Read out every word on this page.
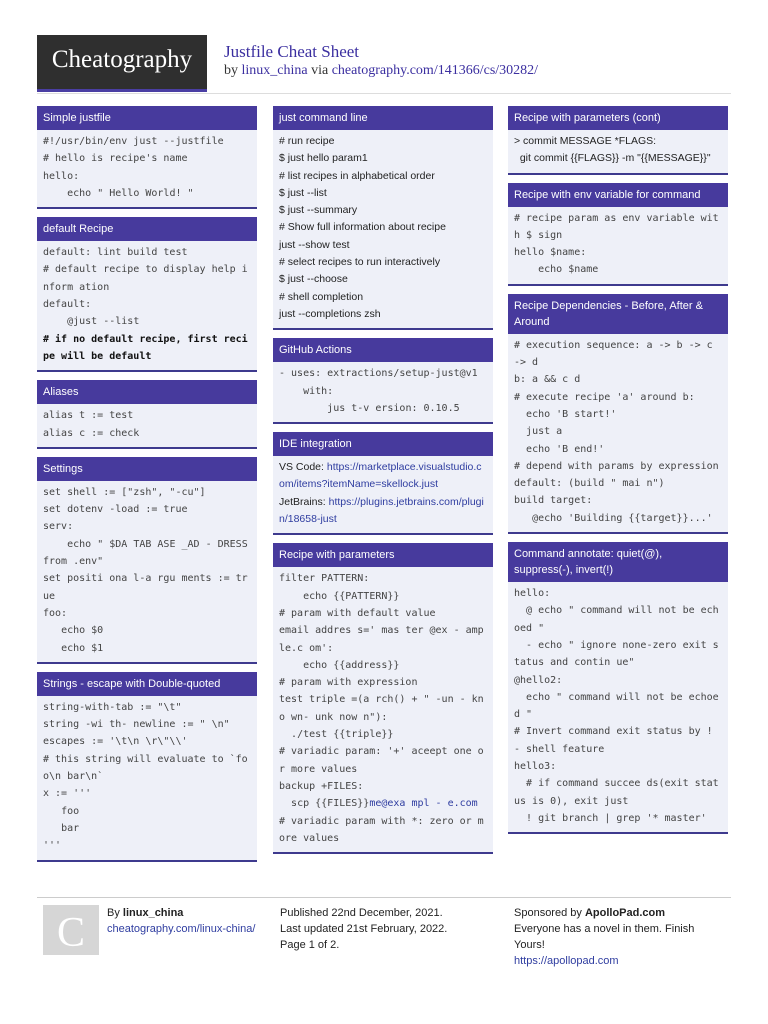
Cheatography	Justfile Cheat Sheet
by linux_china via cheatography.com/141366/cs/30282/
Simple justfile
#!/usr/bin/env just --justfile
# hello is recipe's name
hello:
echo " Hello World! "
default Recipe
default: lint build test
# default recipe to display help inform ation
default:
@just --list
# if no default recipe, first recipe will be default
Aliases
alias t := test
alias c := check
Settings
set shell := ["zsh", "-cu"]
set dotenv -load := true
serv:
echo " $DA TAB ASE _AD - DRESS from .env"
set positi ona l-a rgu ments := true
foo:
echo $0
echo $1
Strings - escape with Double-quoted
string-with-tab := "\t"
string -wi th- newline := " \n"
escapes := '\t\n \r\"\\'
# this string will evaluate to `foo\n bar\n`
x := '''
foo
bar
'''
just command line
# run recipe
$ just hello param1
# list recipes in alphabetical order
$ just --list
$ just --summary
# Show full information about recipe
just --show test
# select recipes to run interactively
$ just --choose
# shell completion
just --completions zsh
GitHub Actions
- uses: extractions/setup-just@v1
with:
jus t-v ersion: 0.10.5
IDE integration
VS Code: https://marketplace.visualstudio.com/items?itemName=skellock.just
JetBrains: https://plugins.jetbrains.com/plugin/18658-just
Recipe with parameters
filter PATTERN:
echo {{PATTERN}}
# param with default value
email addres s=' mas ter @ex - amp le.c om':
echo {{address}}
# param with expression
test triple =(a rch() + " -un - kno wn- unk now n"):
./test {{triple}}
# variadic param: '+' aceept one or more values
backup +FILES:
scp {{FILES}}me@exa mpl - e.com
# variadic param with *: zero or more values
Recipe with parameters (cont)
> commit MESSAGE *FLAGS:
git commit {{FLAGS}} -m "{{MESSAGE}}"
Recipe with env variable for command
# recipe param as env variable with $ sign
hello $name:
echo $name
Recipe Dependencies - Before, After & Around
# execution sequence: a -> b -> c -> d
b: a && c d
# execute recipe 'a' around b:
echo 'B start!'
just a
echo 'B end!'
# depend with params by expression
default: (build " mai n")
build target:
@echo 'Building {{target}}...'
Command annotate: quiet(@), suppress(-), invert(!)
hello:
@ echo " command will not be echoed "
- echo " ignore none-zero exit status and contin ue"
@hello2:
echo " command will not be echoed "
# Invert command exit status by ! - shell feature
hello3:
# if command succee ds(exit status is 0), exit just
! git branch | grep '* master'
C	By linux_china
cheatography.com/linux-china/
Published 22nd December, 2021.
Last updated 21st February, 2022.
Page 1 of 2.
Sponsored by ApolloPad.com
Everyone has a novel in them. Finish Yours!
https://apollopad.com
